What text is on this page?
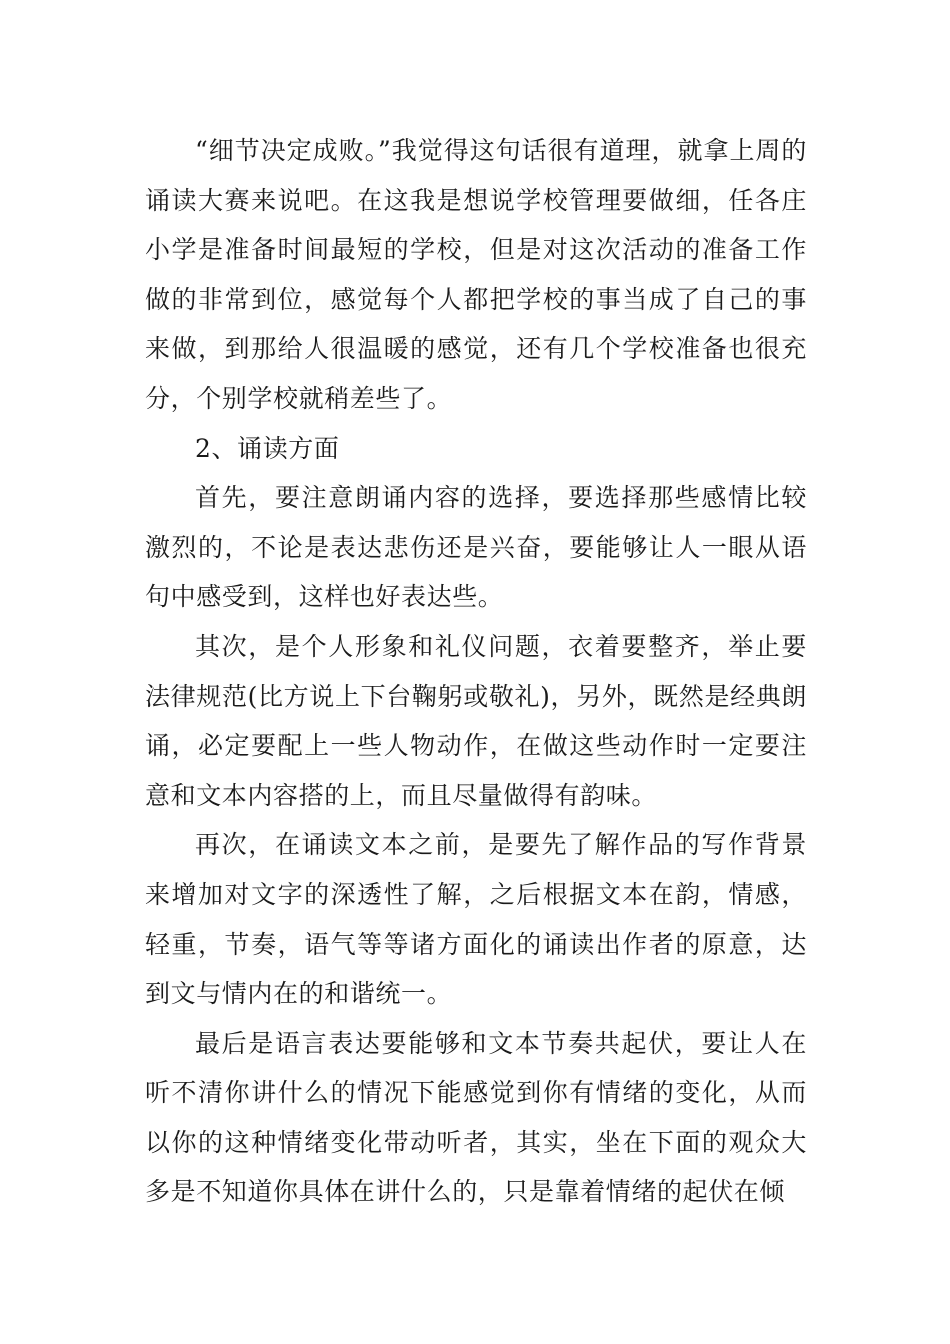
“细节决定成败。”我觉得这句话很有道理，就拿上周的诵读大赛来说吧。在这我是想说学校管理要做细，任各庄小学是准备时间最短的学校，但是对这次活动的准备工作做的非常到位，感觉每个人都把学校的事当成了自己的事来做，到那给人很温暖的感觉，还有几个学校准备也很充分，个别学校就稍差些了。

2、诵读方面

首先，要注意朗诵内容的选择，要选择那些感情比较激烈的，不论是表达悲伤还是兴奋，要能够让人一眼从语句中感受到，这样也好表达些。

其次，是个人形象和礼仪问题，衣着要整齐，举止要法律规范(比方说上下台鞠躬或敬礼)，另外，既然是经典朗诵，必定要配上一些人物动作，在做这些动作时一定要注意和文本内容搭的上，而且尽量做得有韵味。

再次，在诵读文本之前，是要先了解作品的写作背景来增加对文字的深透性了解，之后根据文本在韵，情感，轻重，节奏，语气等等诸方面化的诵读出作者的原意，达到文与情内在的和谐统一。

最后是语言表达要能够和文本节奏共起伏，要让人在听不清你讲什么的情况下能感觉到你有情绪的变化，从而以你的这种情绪变化带动听者，其实，坐在下面的观众大多是不知道你具体在讲什么的，只是靠着情绪的起伏在倾
